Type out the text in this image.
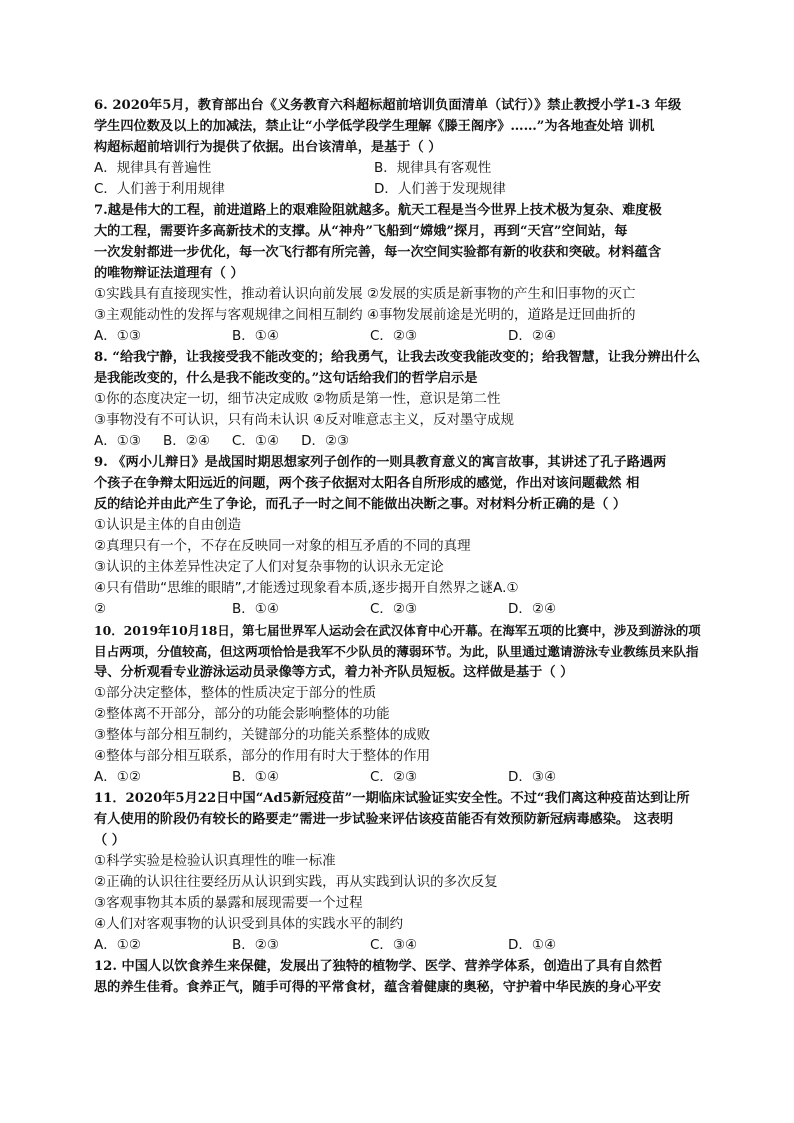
6. 2020年5月，教育部出台《义务教育六科超标超前培训负面清单（试行）》禁止教授小学1-3 年级
学生四位数及以上的加减法，禁止让“小学低学段学生理解《滕王阁序》……”为各地查处培 训机
构超标超前培训行为提供了依据。出台该清单，是基于（ ）
A．规律具有普遍性	B．规律具有客观性
C．人们善于利用规律	D．人们善于发现规律
7.越是伟大的工程，前进道路上的艰难险阻就越多。航天工程是当今世界上技术极为复杂、难度极
大的工程，需要许多高新技术的支撑。从“神舟”飞船到“嫦娥”探月，再到“天宫”空间站，每
一次发射都进一步优化，每一次飞行都有所完善，每一次空间实验都有新的收获和突破。材料蕴含
的唯物辩证法道理有（ ）
①实践具有直接现实性，推动着认识向前发展 ②发展的实质是新事物的产生和旧事物的灭亡
③主观能动性的发挥与客观规律之间相互制约 ④事物发展前途是光明的，道路是迂回曲折的
A．①③	B．①④	C．②③	D．②④
8. “给我宁静，让我接受我不能改变的；给我勇气，让我去改变我能改变的；给我智慧，让我分辨出什么
是我能改变的，什么是我不能改变的。”这句话给我们的哲学启示是
①你的态度决定一切，细节决定成败 ②物质是第一性，意识是第二性
③事物没有不可认识，只有尚未认识 ④反对唯意志主义，反对墨守成规
A．①③ B．②④ C．①④ D．②③
9. 《两小儿辩日》是战国时期思想家列子创作的一则具教育意义的寓言故事，其讲述了孔子路遇两
个孩子在争辩太阳远近的问题，两个孩子依据对太阳各自所形成的感觉，作出对该问题截然 相
反的结论并由此产生了争论，而孔子一时之间不能做出决断之事。对材料分析正确的是（ ）
①认识是主体的自由创造
②真理只有一个，不存在反映同一对象的相互矛盾的不同的真理
③认识的主体差异性决定了人们对复杂事物的认识永无定论
④只有借助“思维的眼睛”,才能透过现象看本质,逐步揭开自然界之谜A.①
②	B．①④	C．②③	D．②④
10．2019年10月18日，第七届世界军人运动会在武汉体育中心开幕。在海军五项的比赛中，涉及到游泳的项
目占两项，分值较高，但这两项恰恰是我军不少队员的薄弱环节。为此，队里通过邀请游泳专业教练员来队指
导、分析观看专业游泳运动员录像等方式，着力补齐队员短板。这样做是基于（ ）
①部分决定整体，整体的性质决定于部分的性质
②整体离不开部分，部分的功能会影响整体的功能
③整体与部分相互制约，关键部分的功能关系整体的成败
④整体与部分相互联系，部分的作用有时大于整体的作用
A．①②	B．①④	C．②③	D．③④
11．2020年5月22日中国“Ad5新冠疫苗”一期临床试验证实安全性。不过“我们离这种疫苗达到让所
有人使用的阶段仍有较长的路要走”需进一步试验来评估该疫苗能否有效预防新冠病毒感染。 这表明
（ ）
①科学实验是检验认识真理性的唯一标准
②正确的认识往往要经历从认识到实践，再从实践到认识的多次反复
③客观事物其本质的暴露和展现需要一个过程
④人们对客观事物的认识受到具体的实践水平的制约
A．①②	B．②③	C．③④	D．①④
12. 中国人以饮食养生来保健，发展出了独特的植物学、医学、营养学体系，创造出了具有自然哲
思的养生佳肴。食养正气，随手可得的平常食材，蕴含着健康的奥秘，守护着中华民族的身心平安
